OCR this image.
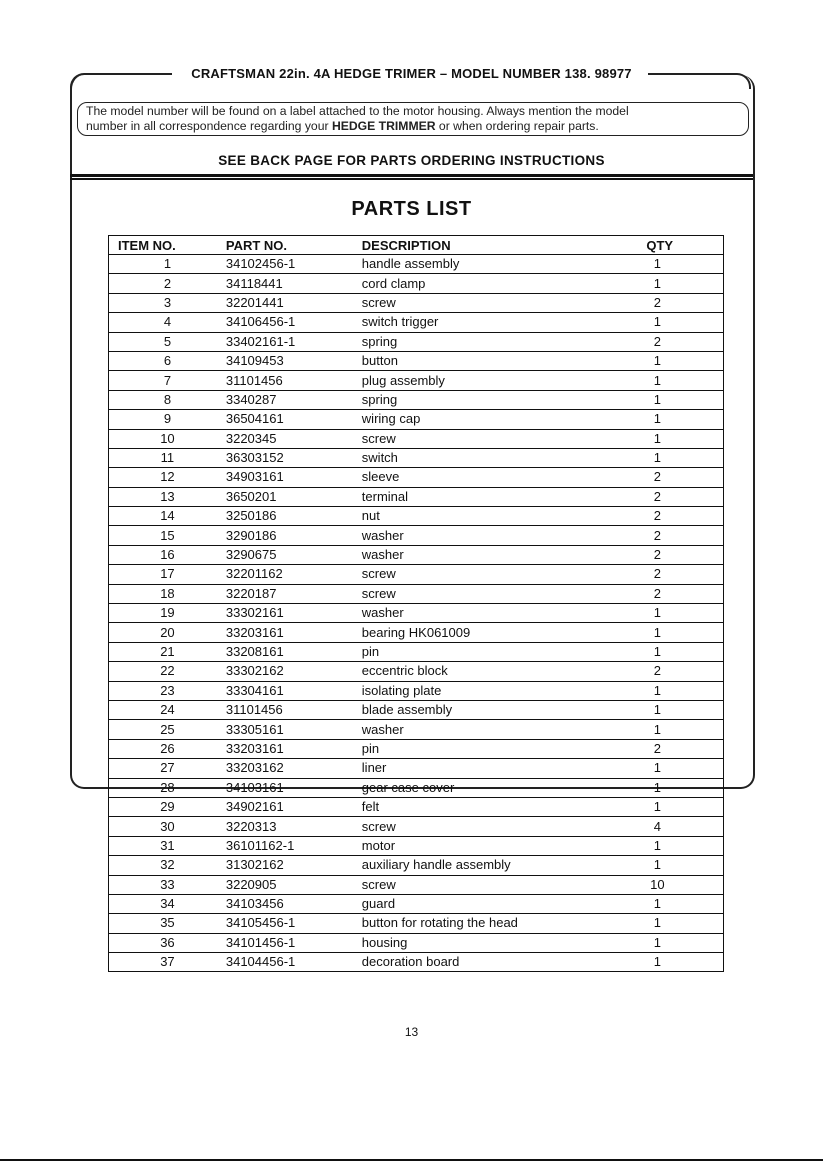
CRAFTSMAN 22in. 4A HEDGE TRIMER – MODEL NUMBER 138. 98977
The model number will be found on a label attached to the motor housing. Always mention the model
number in all correspondence regarding your HEDGE TRIMMER or when ordering repair parts.
SEE BACK PAGE FOR PARTS ORDERING INSTRUCTIONS
PARTS LIST
ITEM NO.	PART NO.	DESCRIPTION	QTY
1	34102456-1	handle assembly	1
2	34118441	cord clamp	1
3	32201441	screw	2
4	34106456-1	switch trigger	1
5	33402161-1	spring	2
6	34109453	button	1
7	31101456	plug assembly	1
8	3340287	spring	1
9	36504161	wiring cap	1
10	3220345	screw	1
11	36303152	switch	1
12	34903161	sleeve	2
13	3650201	terminal	2
14	3250186	nut	2
15	3290186	washer	2
16	3290675	washer	2
17	32201162	screw	2
18	3220187	screw	2
19	33302161	washer	1
20	33203161	bearing HK061009	1
21	33208161	pin	1
22	33302162	eccentric block	2
23	33304161	isolating plate	1
24	31101456	blade assembly	1
25	33305161	washer	1
26	33203161	pin	2
27	33203162	liner	1
28	34103161	gear case cover	1
29	34902161	felt	1
30	3220313	screw	4
31	36101162-1	motor	1
32	31302162	auxiliary handle assembly	1
33	3220905	screw	10
34	34103456	guard	1
35	34105456-1	button for rotating the head	1
36	34101456-1	housing	1
37	34104456-1	decoration board	1
13
